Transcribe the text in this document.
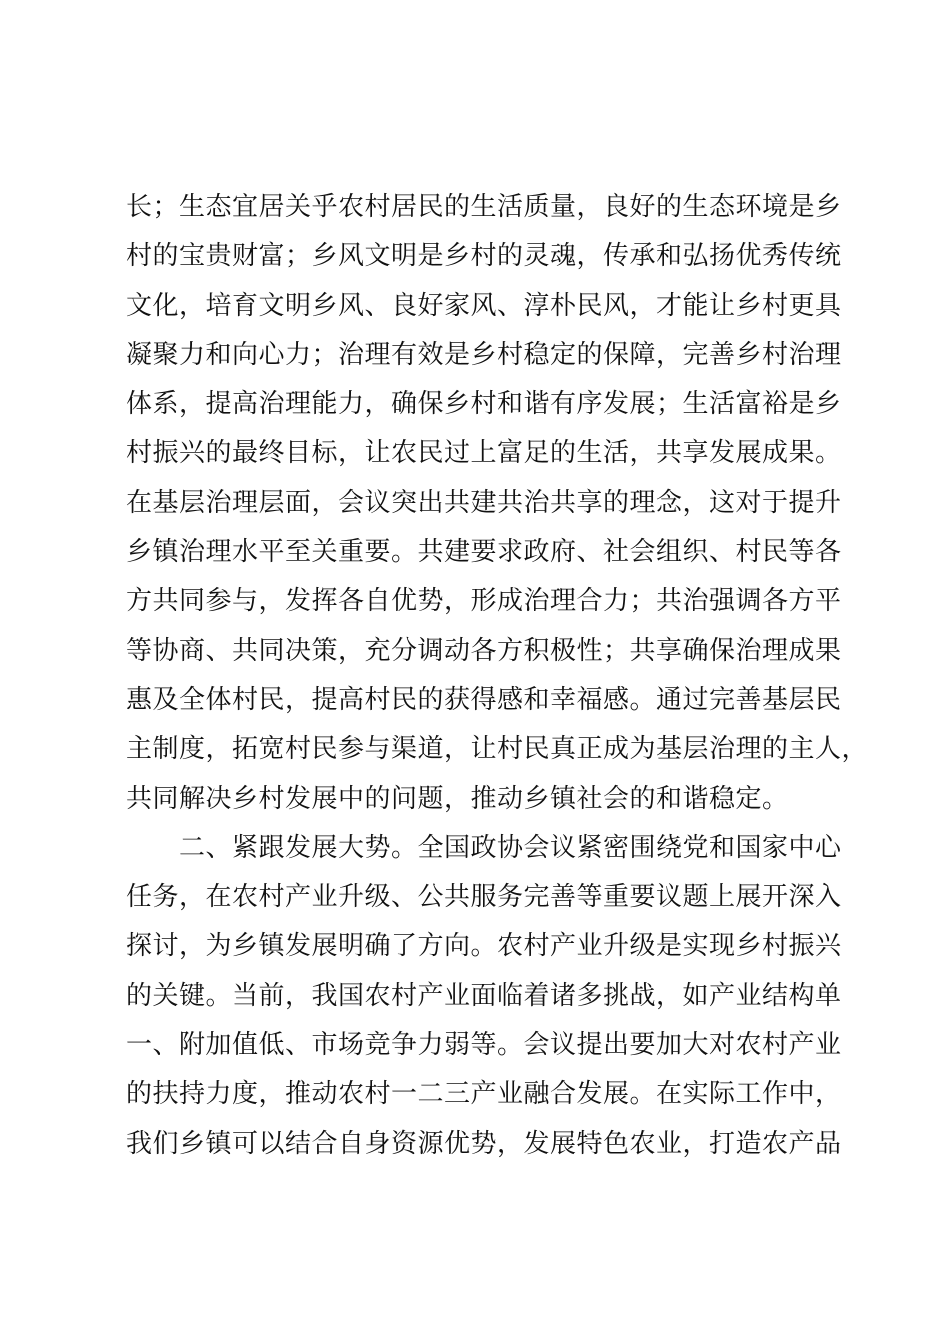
长；生态宜居关乎农村居民的生活质量，良好的生态环境是乡
村的宝贵财富；乡风文明是乡村的灵魂，传承和弘扬优秀传统
文化，培育文明乡风、良好家风、淳朴民风，才能让乡村更具
凝聚力和向心力；治理有效是乡村稳定的保障，完善乡村治理
体系，提高治理能力，确保乡村和谐有序发展；生活富裕是乡
村振兴的最终目标，让农民过上富足的生活，共享发展成果。
在基层治理层面，会议突出共建共治共享的理念，这对于提升
乡镇治理水平至关重要。共建要求政府、社会组织、村民等各
方共同参与，发挥各自优势，形成治理合力；共治强调各方平
等协商、共同决策，充分调动各方积极性；共享确保治理成果
惠及全体村民，提高村民的获得感和幸福感。通过完善基层民
主制度，拓宽村民参与渠道，让村民真正成为基层治理的主人，
共同解决乡村发展中的问题，推动乡镇社会的和谐稳定。
　　二、紧跟发展大势。全国政协会议紧密围绕党和国家中心
任务，在农村产业升级、公共服务完善等重要议题上展开深入
探讨，为乡镇发展明确了方向。农村产业升级是实现乡村振兴
的关键。当前，我国农村产业面临着诸多挑战，如产业结构单
一、附加值低、市场竞争力弱等。会议提出要加大对农村产业
的扶持力度，推动农村一二三产业融合发展。在实际工作中，
我们乡镇可以结合自身资源优势，发展特色农业，打造农产品
